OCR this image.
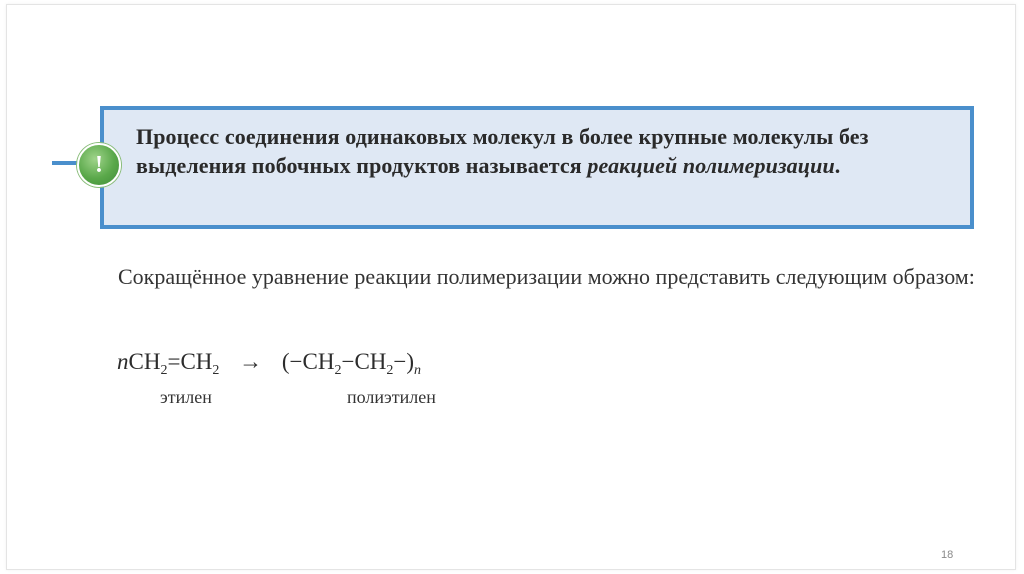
Процесс соединения одинаковых молекул в более крупные молекулы без выделения побочных продуктов называется реакцией полимеризации.
!
Сокращённое уравнение реакции полимеризации можно представить следующим образом:
$nCH_2=CH_2 \to (-CH_2-CH_2-)_n$
этилен	полиэтилен
18
